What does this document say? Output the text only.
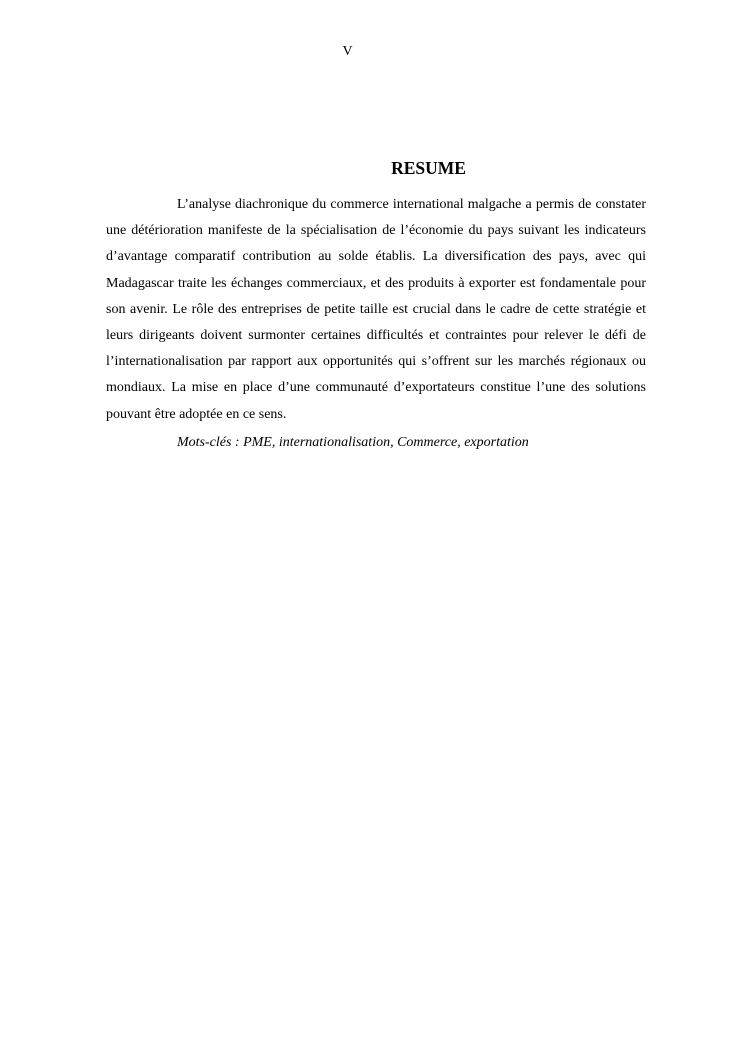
V
RESUME

L’analyse diachronique du commerce international malgache a permis de constater une détérioration manifeste de la spécialisation de l’économie du pays suivant les indicateurs d’avantage comparatif contribution au solde établis. La diversification des pays, avec qui Madagascar traite les échanges commerciaux, et des produits à exporter est fondamentale pour son avenir. Le rôle des entreprises de petite taille est crucial dans le cadre de cette stratégie et leurs dirigeants doivent surmonter certaines difficultés et contraintes pour relever le défi de l’internationalisation par rapport aux opportunités qui s’offrent sur les marchés régionaux ou mondiaux. La mise en place d’une communauté d’exportateurs constitue l’une des solutions pouvant être adoptée en ce sens.

Mots-clés : PME, internationalisation, Commerce, exportation
